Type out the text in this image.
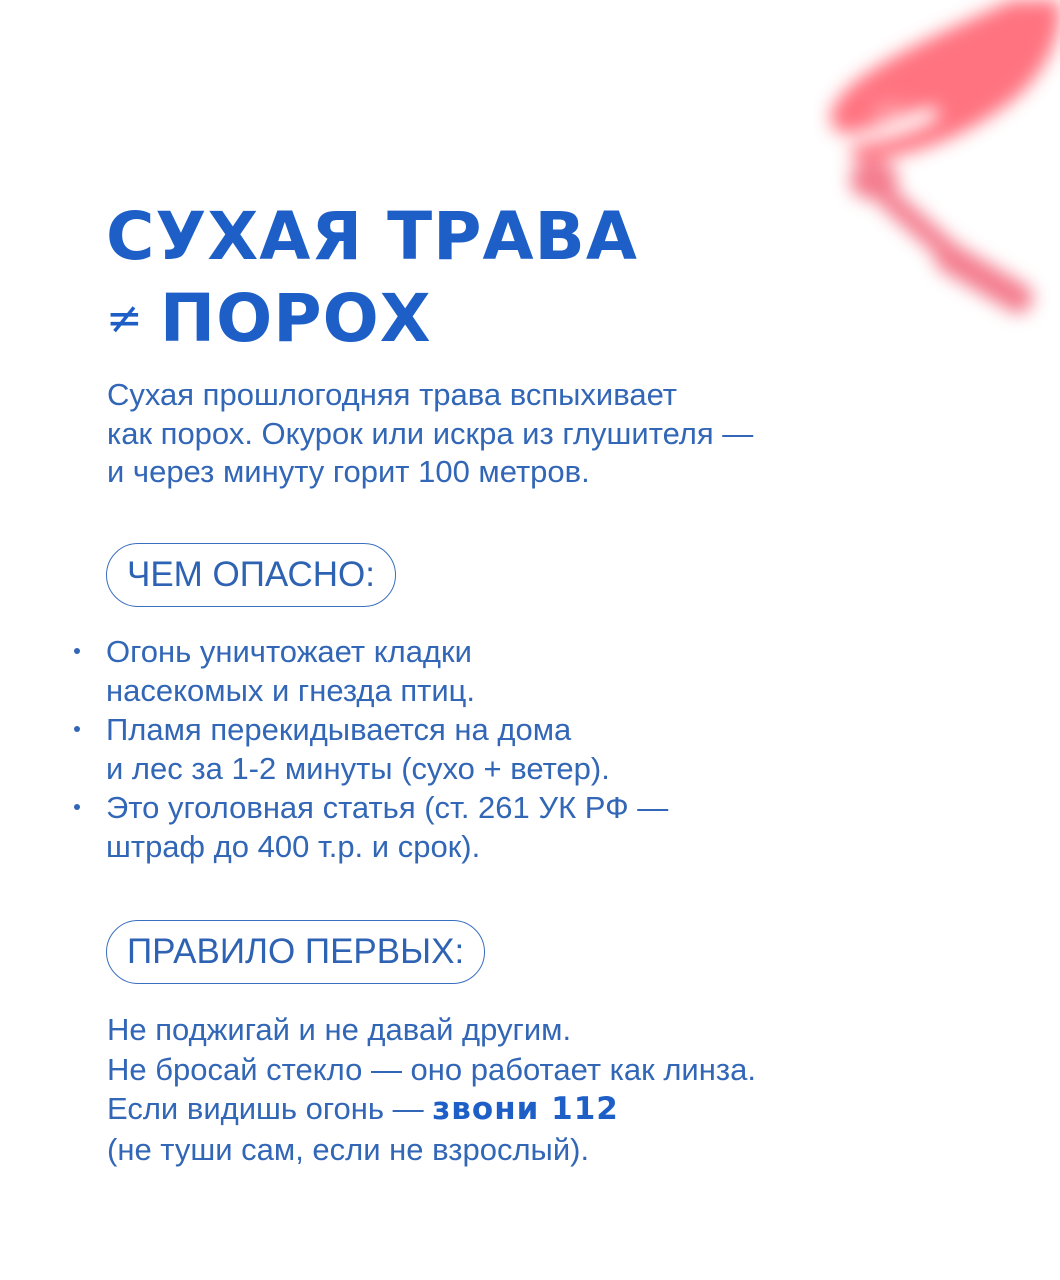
СУХАЯ ТРАВА
≠ ПОРОХ
Сухая прошлогодняя трава вспыхивает
как порох. Окурок или искра из глушителя —
и через минуту горит 100 метров.
ЧЕМ ОПАСНО:
Огонь уничтожает кладки
насекомых и гнезда птиц.
Пламя перекидывается на дома
и лес за 1-2 минуты (сухо + ветер).
Это уголовная статья (ст. 261 УК РФ —
штраф до 400 т.р. и срок).
ПРАВИЛО ПЕРВЫХ:
Не поджигай и не давай другим.
Не бросай стекло — оно работает как линза.
Если видишь огонь — звони 112
(не туши сам, если не взрослый).
